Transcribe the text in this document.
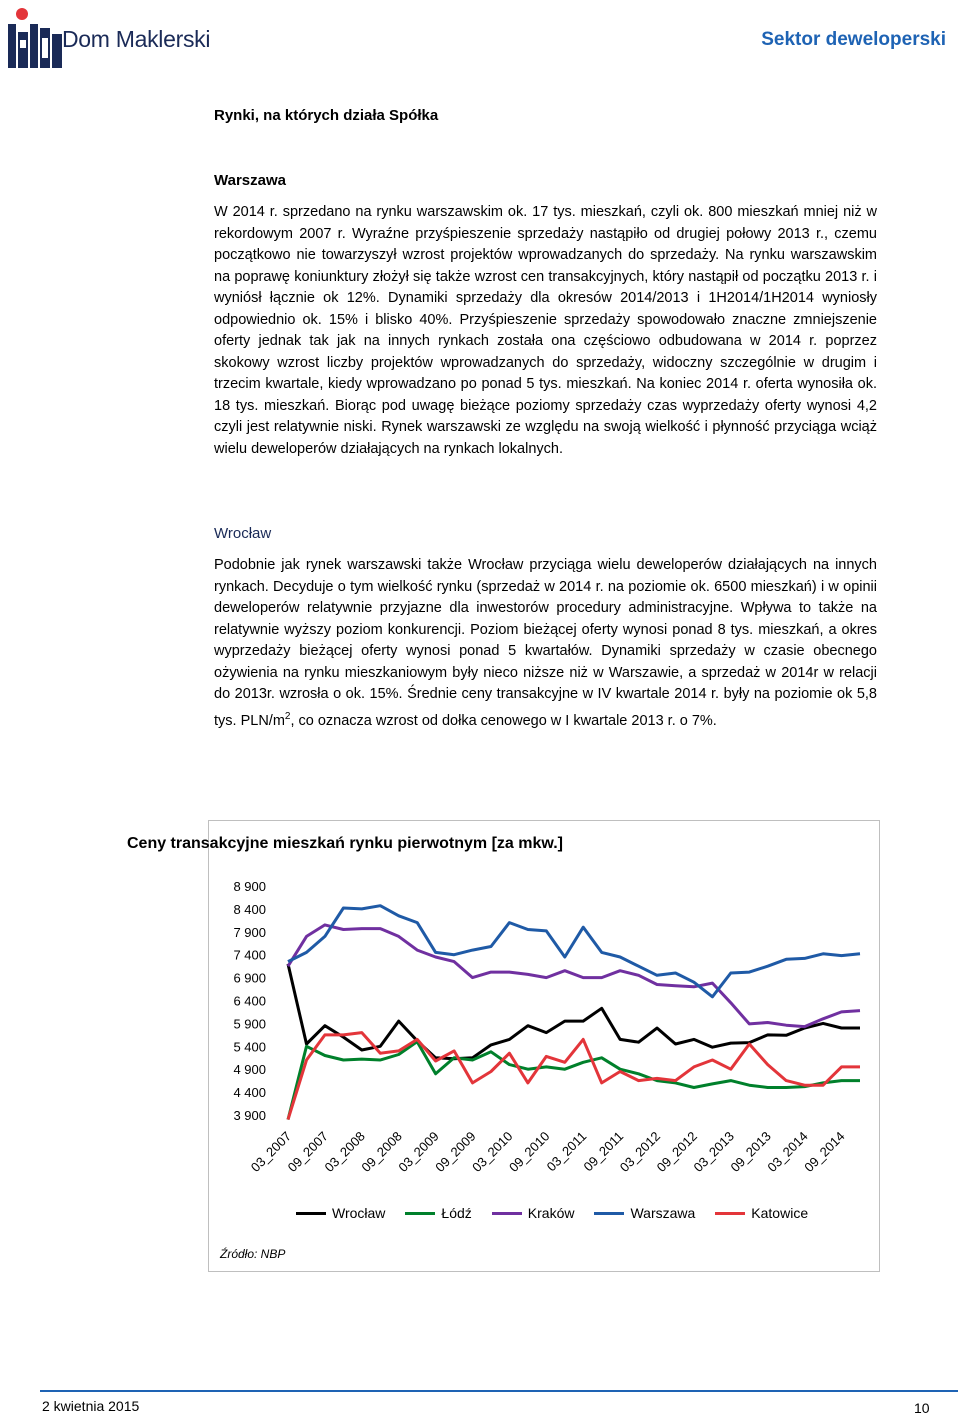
Dom Maklerski	Sektor deweloperski
Rynki, na których działa Spółka
Warszawa

W 2014 r. sprzedano na rynku warszawskim ok. 17 tys. mieszkań, czyli ok. 800 mieszkań mniej niż w rekordowym 2007 r. Wyraźne przyśpieszenie sprzedaży nastąpiło od drugiej połowy 2013 r., czemu początkowo nie towarzyszył wzrost projektów wprowadzanych do sprzedaży. Na rynku warszawskim na poprawę koniunktury złożył się także wzrost cen transakcyjnych, który nastąpił od początku 2013 r. i wyniósł łącznie ok 12%. Dynamiki sprzedaży dla okresów 2014/2013 i 1H2014/1H2014 wyniosły odpowiednio ok. 15% i blisko 40%. Przyśpieszenie sprzedaży spowodowało znaczne zmniejszenie oferty jednak tak jak na innych rynkach została ona częściowo odbudowana w 2014 r. poprzez skokowy wzrost liczby projektów wprowadzanych do sprzedaży, widoczny szczególnie w drugim i trzecim kwartale, kiedy wprowadzano po ponad 5 tys. mieszkań. Na koniec 2014 r. oferta wynosiła ok. 18 tys. mieszkań. Biorąc pod uwagę bieżące poziomy sprzedaży czas wyprzedaży oferty wynosi 4,2 czyli jest relatywnie niski. Rynek warszawski ze względu na swoją wielkość i płynność przyciąga wciąż wielu deweloperów działających na rynkach lokalnych.

Wrocław

Podobnie jak rynek warszawski także Wrocław przyciąga wielu deweloperów działających na innych rynkach. Decyduje o tym wielkość rynku (sprzedaż w 2014 r. na poziomie ok. 6500 mieszkań) i w opinii deweloperów relatywnie przyjazne dla inwestorów procedury administracyjne. Wpływa to także na relatywnie wyższy poziom konkurencji. Poziom bieżącej oferty wynosi ponad 8 tys. mieszkań, a okres wyprzedaży bieżącej oferty wynosi ponad 5 kwartałów. Dynamiki sprzedaży w czasie obecnego ożywienia na rynku mieszkaniowym były nieco niższe niż w Warszawie, a sprzedaż w 2014r w relacji do 2013r. wzrosła o ok. 15%. Średnie ceny transakcyjne w IV kwartale 2014 r. były na poziomie ok 5,8 tys. PLN/$m^2$, co oznacza wzrost od dołka cenowego w I kwartale 2013 r. o 7%.

Ceny transakcyjne mieszkań rynku pierwotnym [za mkw.]
3 900
4 400
4 900
5 400
5 900
6 400
6 900
7 400
7 900
8 400
8 900
03_2007
09_2007
03_2008
09_2008
03_2009
09_2009
03_2010
09_2010
03_2011
09_2011
03_2012
09_2012
03_2013
09_2013
03_2014
09_2014
Wrocław	Łódź	Kraków	Warszawa	Katowice
Źródło: NBP
2 kwietnia 2015	10
